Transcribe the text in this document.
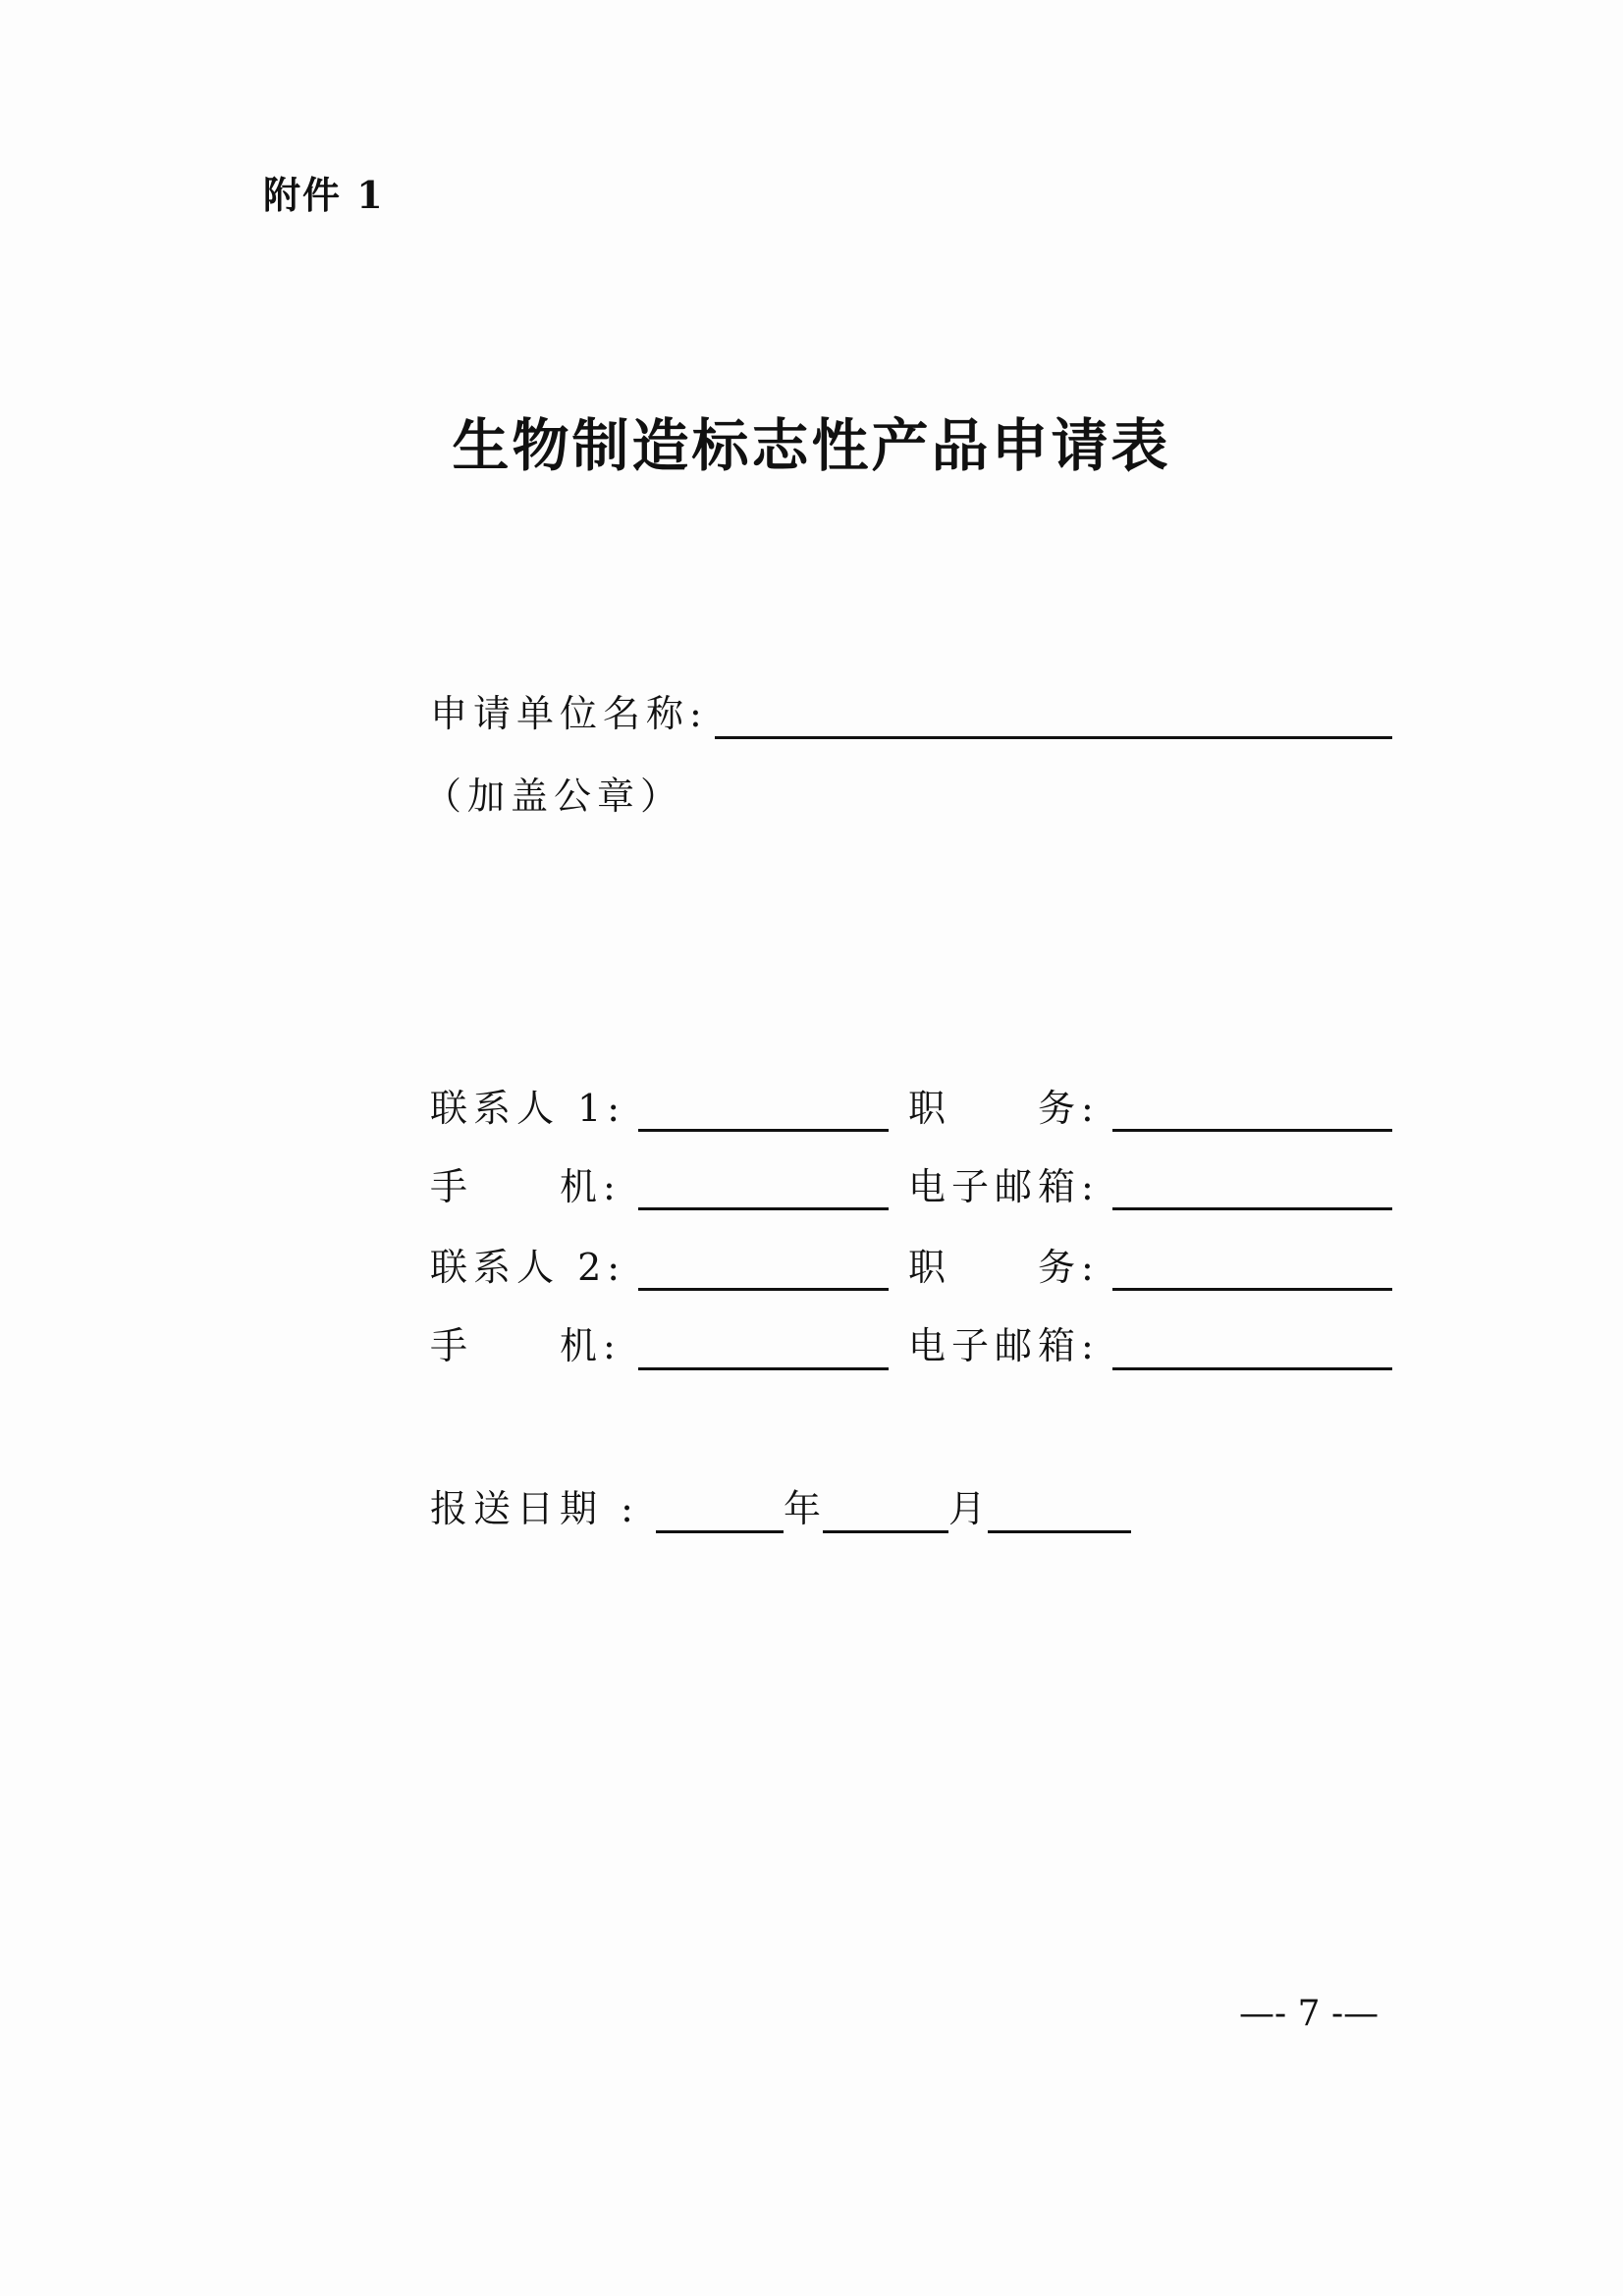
附件 1
生物制造标志性产品申请表
申请单位名称:
（加盖公章）
联系人 1:	职　　务:
手　　机:	电子邮箱:
联系人 2:	职　　务:
手　　机:	电子邮箱:
报送日期 :	年	月
—- 7 -—
